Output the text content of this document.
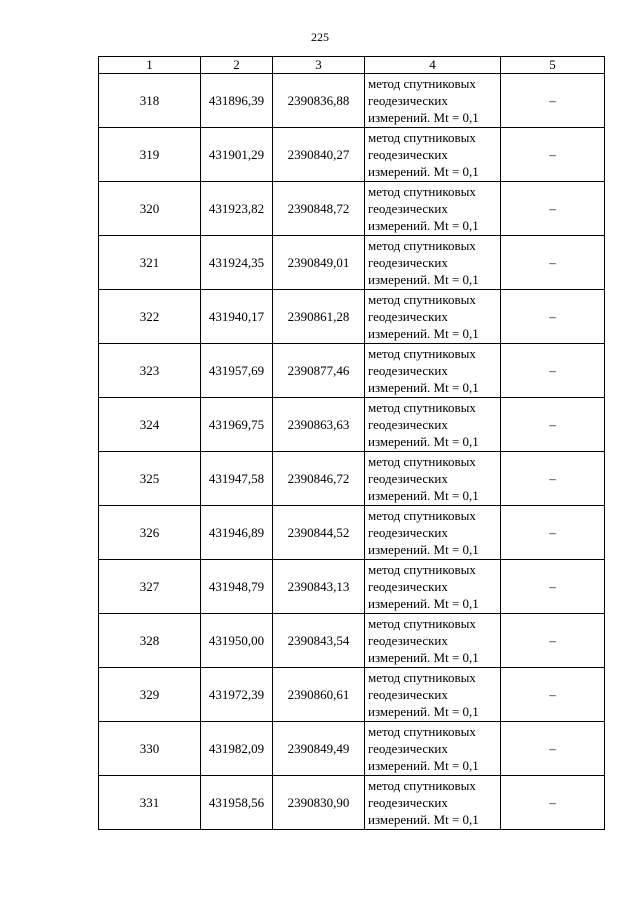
225
1	2	3	4	5
318	431896,39	2390836,88	метод спутниковых
геодезических
измерений. Mt = 0,1	–
319	431901,29	2390840,27	метод спутниковых
геодезических
измерений. Mt = 0,1	–
320	431923,82	2390848,72	метод спутниковых
геодезических
измерений. Mt = 0,1	–
321	431924,35	2390849,01	метод спутниковых
геодезических
измерений. Mt = 0,1	–
322	431940,17	2390861,28	метод спутниковых
геодезических
измерений. Mt = 0,1	–
323	431957,69	2390877,46	метод спутниковых
геодезических
измерений. Mt = 0,1	–
324	431969,75	2390863,63	метод спутниковых
геодезических
измерений. Mt = 0,1	–
325	431947,58	2390846,72	метод спутниковых
геодезических
измерений. Mt = 0,1	–
326	431946,89	2390844,52	метод спутниковых
геодезических
измерений. Mt = 0,1	–
327	431948,79	2390843,13	метод спутниковых
геодезических
измерений. Mt = 0,1	–
328	431950,00	2390843,54	метод спутниковых
геодезических
измерений. Mt = 0,1	–
329	431972,39	2390860,61	метод спутниковых
геодезических
измерений. Mt = 0,1	–
330	431982,09	2390849,49	метод спутниковых
геодезических
измерений. Mt = 0,1	–
331	431958,56	2390830,90	метод спутниковых
геодезических
измерений. Mt = 0,1	–
